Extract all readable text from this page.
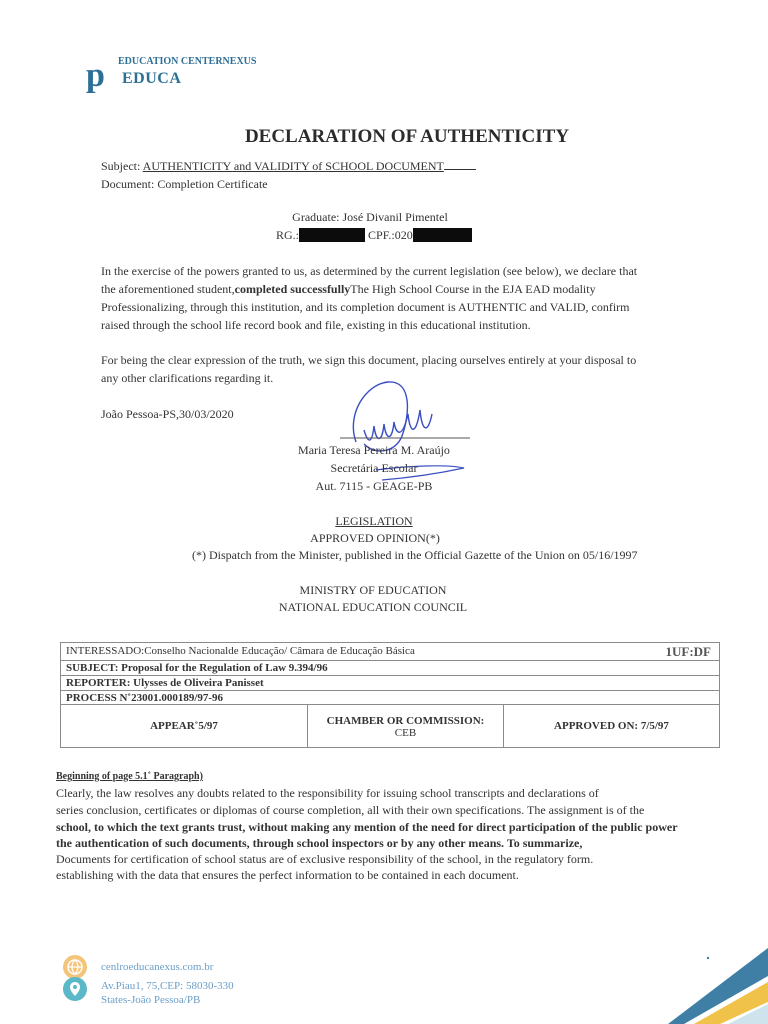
p EDUCATION CENTERNEXUS
EDUCA
DECLARATION OF AUTHENTICITY
Subject: AUTHENTICITY and VALIDITY of SCHOOL DOCUMENT
Document: Completion Certificate
Graduate: José Divanil Pimentel
RG.: 3.076.807-8- CPF.:020 775.918-87
In the exercise of the powers granted to us, as determined by the current legislation (see below), we declare that
the aforementioned student,completed successfullyThe High School Course in the EJA EAD modality
Professionalizing, through this institution, and its completion document is AUTHENTIC and VALID, confirm
raised through the school life record book and file, existing in this educational institution.
For being the clear expression of the truth, we sign this document, placing ourselves entirely at your disposal to
any other clarifications regarding it.
João Pessoa-PS,30/03/2020
Maria Teresa Pereira M. Araújo
Secretária Escolar
Aut. 7115 - GEAGE-PB
LEGISLATION
APPROVED OPINION(*)
(*) Dispatch from the Minister, published in the Official Gazette of the Union on 05/16/1997
MINISTRY OF EDUCATION
NATIONAL EDUCATION COUNCIL
INTERESSADO:Conselho Nacionalde Educação/ Câmara de Educação Básica	1UF:DF
SUBJECT: Proposal for the Regulation of Law 9.394/96
REPORTER: Ulysses de Oliveira Panisset
PROCESS N˚23001.000189/97-96
APPEAR˚5/97	CHAMBER OR COMMISSION:
CEB
APPROVED ON: 7/5/97
Beginning of page 5.1˚ Paragraph)
Clearly, the law resolves any doubts related to the responsibility for issuing school transcripts and declarations of
series conclusion, certificates or diplomas of course completion, all with their own specifications. The assignment is of the
school, to which the text grants trust, without making any mention of the need for direct participation of the public power
the authentication of such documents, through school inspectors or by any other means. To summarize,
Documents for certification of school status are of exclusive responsibility of the school, in the regulatory form.
establishing with the data that ensures the perfect information to be contained in each document.
cenlroeducanexus.com.br
Av.Piau1, 75,CEP: 58030-330
States-João Pessoa/PB
